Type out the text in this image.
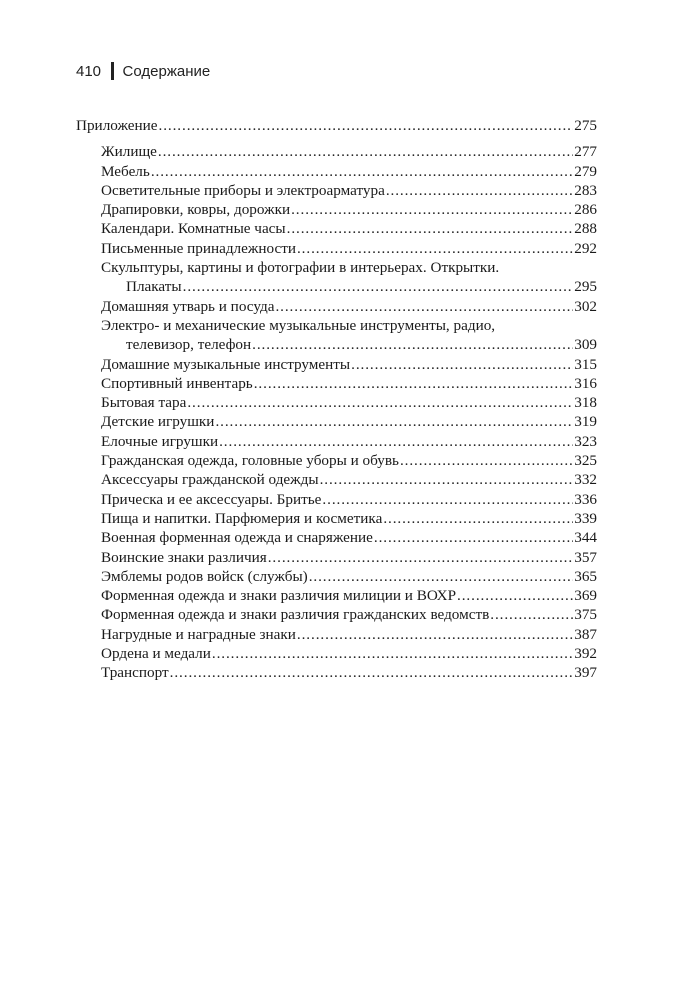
410 Содержание
Приложение .....	275
Жилище .....	277
Мебель .....	279
Осветительные приборы и электроарматура .....	283
Драпировки, ковры, дорожки .....	286
Календари. Комнатные часы .....	288
Письменные принадлежности .....	292
Скульптуры, картины и фотографии в интерьерах. Открытки.
Плакаты .....	295
Домашняя утварь и посуда .....	302
Электро- и механические музыкальные инструменты, радио,
телевизор, телефон .....	309
Домашние музыкальные инструменты .....	315
Спортивный инвентарь .....	316
Бытовая тара .....	318
Детские игрушки .....	319
Елочные игрушки .....	323
Гражданская одежда, головные уборы и обувь .....	325
Аксессуары гражданской одежды .....	332
Прическа и ее аксессуары. Бритье .....	336
Пища и напитки. Парфюмерия и косметика .....	339
Военная форменная одежда и снаряжение .....	344
Воинские знаки различия .....	357
Эмблемы родов войск (службы) .....	365
Форменная одежда и знаки различия милиции и ВОХР .....	369
Форменная одежда и знаки различия гражданских ведомств .....	375
Нагрудные и наградные знаки .....	387
Ордена и медали .....	392
Транспорт .....	397
